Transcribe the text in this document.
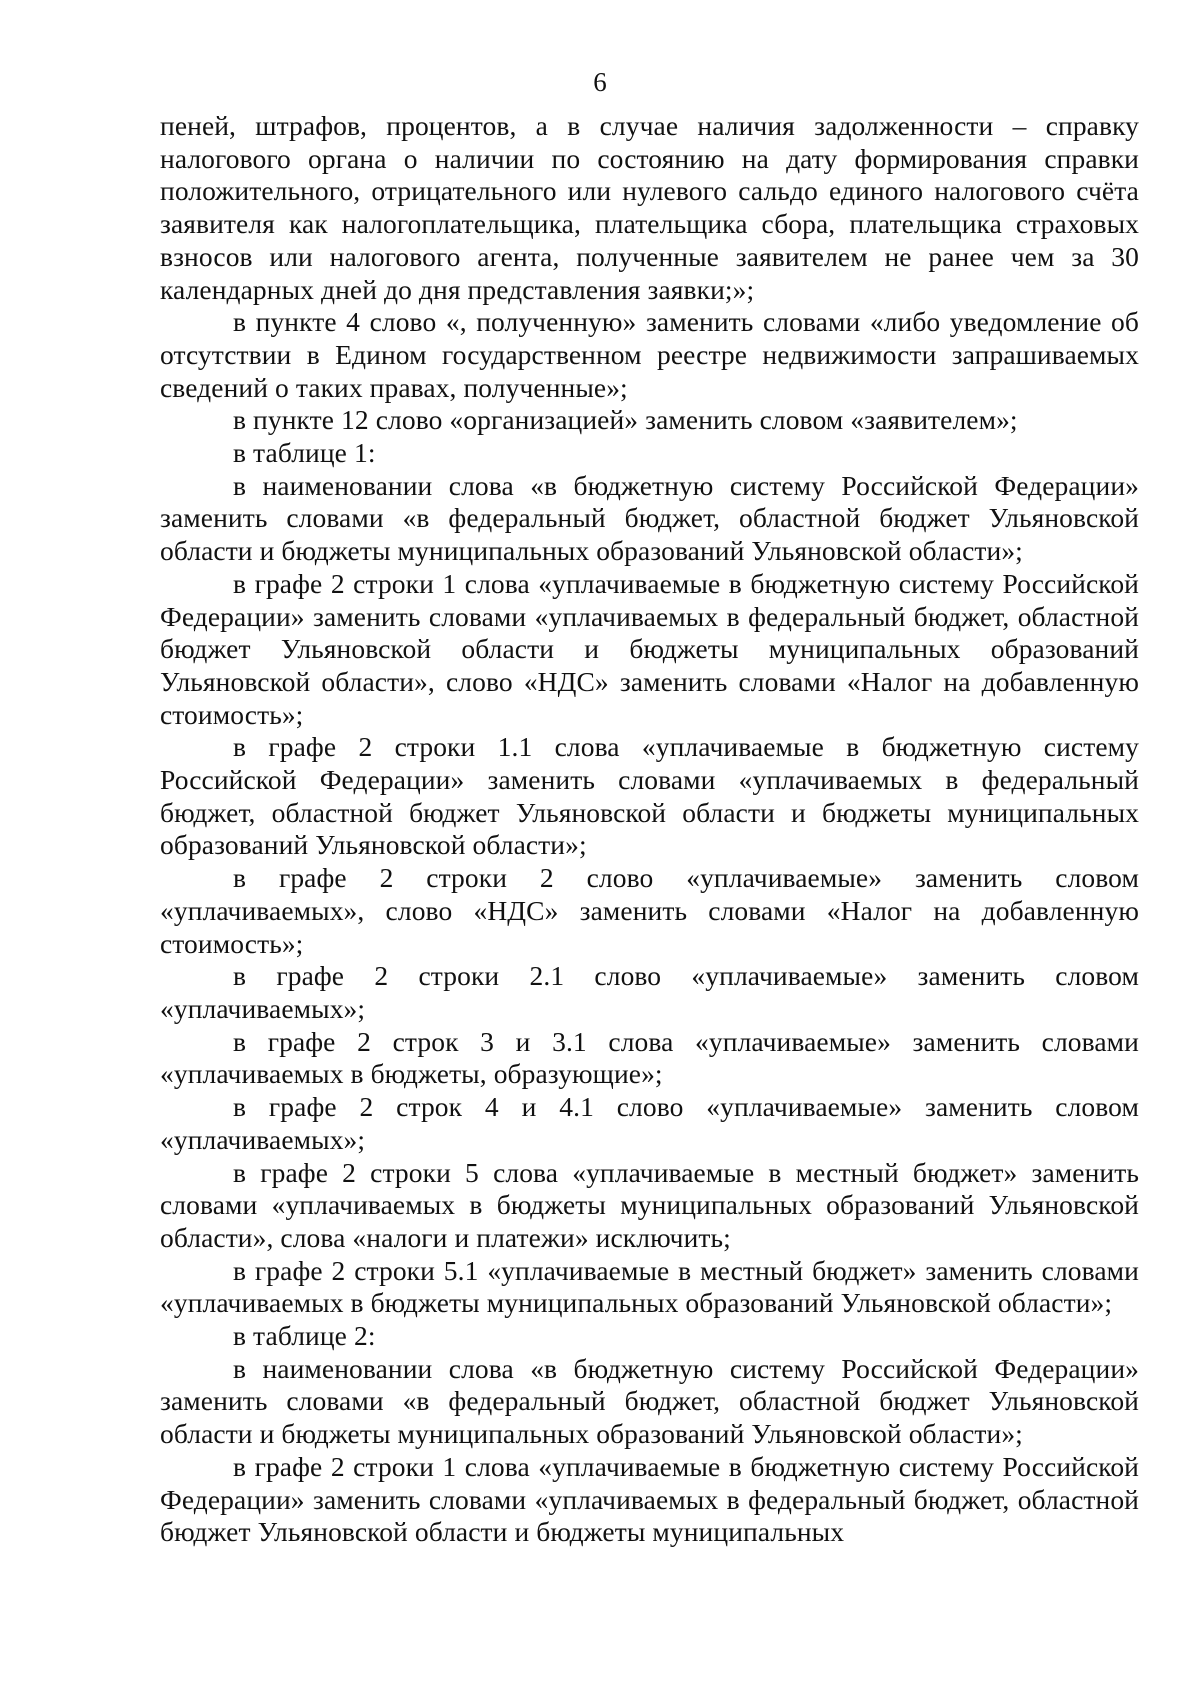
6

пеней, штрафов, процентов, а в случае наличия задолженности – справку налогового органа о наличии по состоянию на дату формирования справки положительного, отрицательного или нулевого сальдо единого налогового счёта заявителя как налогоплательщика, плательщика сбора, плательщика страховых взносов или налогового агента, полученные заявителем не ранее чем за 30 календарных дней до дня представления заявки;»;

в пункте 4 слово «, полученную» заменить словами «либо уведомление об отсутствии в Едином государственном реестре недвижимости запрашиваемых сведений о таких правах, полученные»;

в пункте 12 слово «организацией» заменить словом «заявителем»;

в таблице 1:

в наименовании слова «в бюджетную систему Российской Федерации» заменить словами «в федеральный бюджет, областной бюджет Ульяновской области и бюджеты муниципальных образований Ульяновской области»;

в графе 2 строки 1 слова «уплачиваемые в бюджетную систему Российской Федерации» заменить словами «уплачиваемых в федеральный бюджет, областной бюджет Ульяновской области и бюджеты муниципальных образований Ульяновской области», слово «НДС» заменить словами «Налог на добавленную стоимость»;

в графе 2 строки 1.1 слова «уплачиваемые в бюджетную систему Российской Федерации» заменить словами «уплачиваемых в федеральный бюджет, областной бюджет Ульяновской области и бюджеты муниципальных образований Ульяновской области»;

в графе 2 строки 2 слово «уплачиваемые» заменить словом «уплачиваемых», слово «НДС» заменить словами «Налог на добавленную стоимость»;

в графе 2 строки 2.1 слово «уплачиваемые» заменить словом «уплачиваемых»;

в графе 2 строк 3 и 3.1 слова «уплачиваемые» заменить словами «уплачиваемых в бюджеты, образующие»;

в графе 2 строк 4 и 4.1 слово «уплачиваемые» заменить словом «уплачиваемых»;

в графе 2 строки 5 слова «уплачиваемые в местный бюджет» заменить словами «уплачиваемых в бюджеты муниципальных образований Ульяновской области», слова «налоги и платежи» исключить;

в графе 2 строки 5.1 «уплачиваемые в местный бюджет» заменить словами «уплачиваемых в бюджеты муниципальных образований Ульяновской области»;

в таблице 2:

в наименовании слова «в бюджетную систему Российской Федерации» заменить словами «в федеральный бюджет, областной бюджет Ульяновской области и бюджеты муниципальных образований Ульяновской области»;

в графе 2 строки 1 слова «уплачиваемые в бюджетную систему Российской Федерации» заменить словами «уплачиваемых в федеральный бюджет, областной бюджет Ульяновской области и бюджеты муниципальных
